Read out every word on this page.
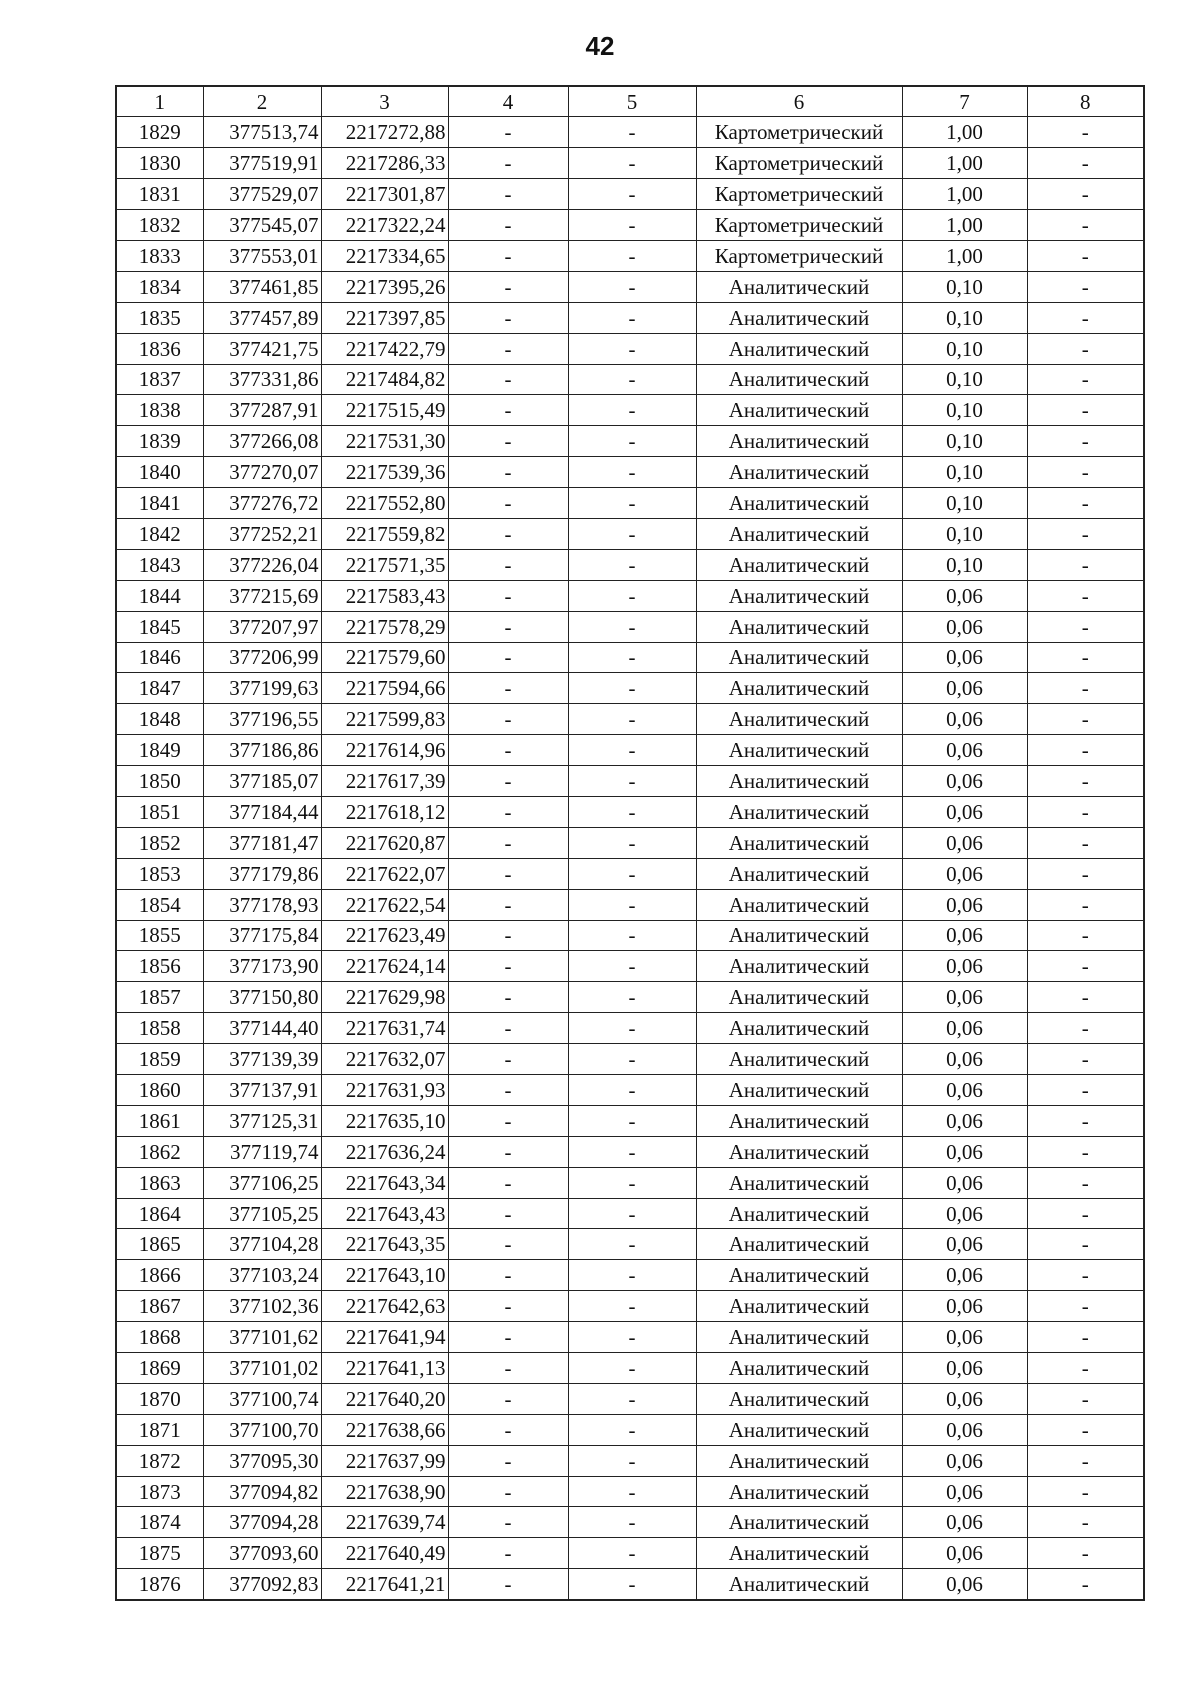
42
1	2	3	4	5	6	7	8
1829	377513,74	2217272,88	-	-	Картометрический	1,00	-
1830	377519,91	2217286,33	-	-	Картометрический	1,00	-
1831	377529,07	2217301,87	-	-	Картометрический	1,00	-
1832	377545,07	2217322,24	-	-	Картометрический	1,00	-
1833	377553,01	2217334,65	-	-	Картометрический	1,00	-
1834	377461,85	2217395,26	-	-	Аналитический	0,10	-
1835	377457,89	2217397,85	-	-	Аналитический	0,10	-
1836	377421,75	2217422,79	-	-	Аналитический	0,10	-
1837	377331,86	2217484,82	-	-	Аналитический	0,10	-
1838	377287,91	2217515,49	-	-	Аналитический	0,10	-
1839	377266,08	2217531,30	-	-	Аналитический	0,10	-
1840	377270,07	2217539,36	-	-	Аналитический	0,10	-
1841	377276,72	2217552,80	-	-	Аналитический	0,10	-
1842	377252,21	2217559,82	-	-	Аналитический	0,10	-
1843	377226,04	2217571,35	-	-	Аналитический	0,10	-
1844	377215,69	2217583,43	-	-	Аналитический	0,06	-
1845	377207,97	2217578,29	-	-	Аналитический	0,06	-
1846	377206,99	2217579,60	-	-	Аналитический	0,06	-
1847	377199,63	2217594,66	-	-	Аналитический	0,06	-
1848	377196,55	2217599,83	-	-	Аналитический	0,06	-
1849	377186,86	2217614,96	-	-	Аналитический	0,06	-
1850	377185,07	2217617,39	-	-	Аналитический	0,06	-
1851	377184,44	2217618,12	-	-	Аналитический	0,06	-
1852	377181,47	2217620,87	-	-	Аналитический	0,06	-
1853	377179,86	2217622,07	-	-	Аналитический	0,06	-
1854	377178,93	2217622,54	-	-	Аналитический	0,06	-
1855	377175,84	2217623,49	-	-	Аналитический	0,06	-
1856	377173,90	2217624,14	-	-	Аналитический	0,06	-
1857	377150,80	2217629,98	-	-	Аналитический	0,06	-
1858	377144,40	2217631,74	-	-	Аналитический	0,06	-
1859	377139,39	2217632,07	-	-	Аналитический	0,06	-
1860	377137,91	2217631,93	-	-	Аналитический	0,06	-
1861	377125,31	2217635,10	-	-	Аналитический	0,06	-
1862	377119,74	2217636,24	-	-	Аналитический	0,06	-
1863	377106,25	2217643,34	-	-	Аналитический	0,06	-
1864	377105,25	2217643,43	-	-	Аналитический	0,06	-
1865	377104,28	2217643,35	-	-	Аналитический	0,06	-
1866	377103,24	2217643,10	-	-	Аналитический	0,06	-
1867	377102,36	2217642,63	-	-	Аналитический	0,06	-
1868	377101,62	2217641,94	-	-	Аналитический	0,06	-
1869	377101,02	2217641,13	-	-	Аналитический	0,06	-
1870	377100,74	2217640,20	-	-	Аналитический	0,06	-
1871	377100,70	2217638,66	-	-	Аналитический	0,06	-
1872	377095,30	2217637,99	-	-	Аналитический	0,06	-
1873	377094,82	2217638,90	-	-	Аналитический	0,06	-
1874	377094,28	2217639,74	-	-	Аналитический	0,06	-
1875	377093,60	2217640,49	-	-	Аналитический	0,06	-
1876	377092,83	2217641,21	-	-	Аналитический	0,06	-
